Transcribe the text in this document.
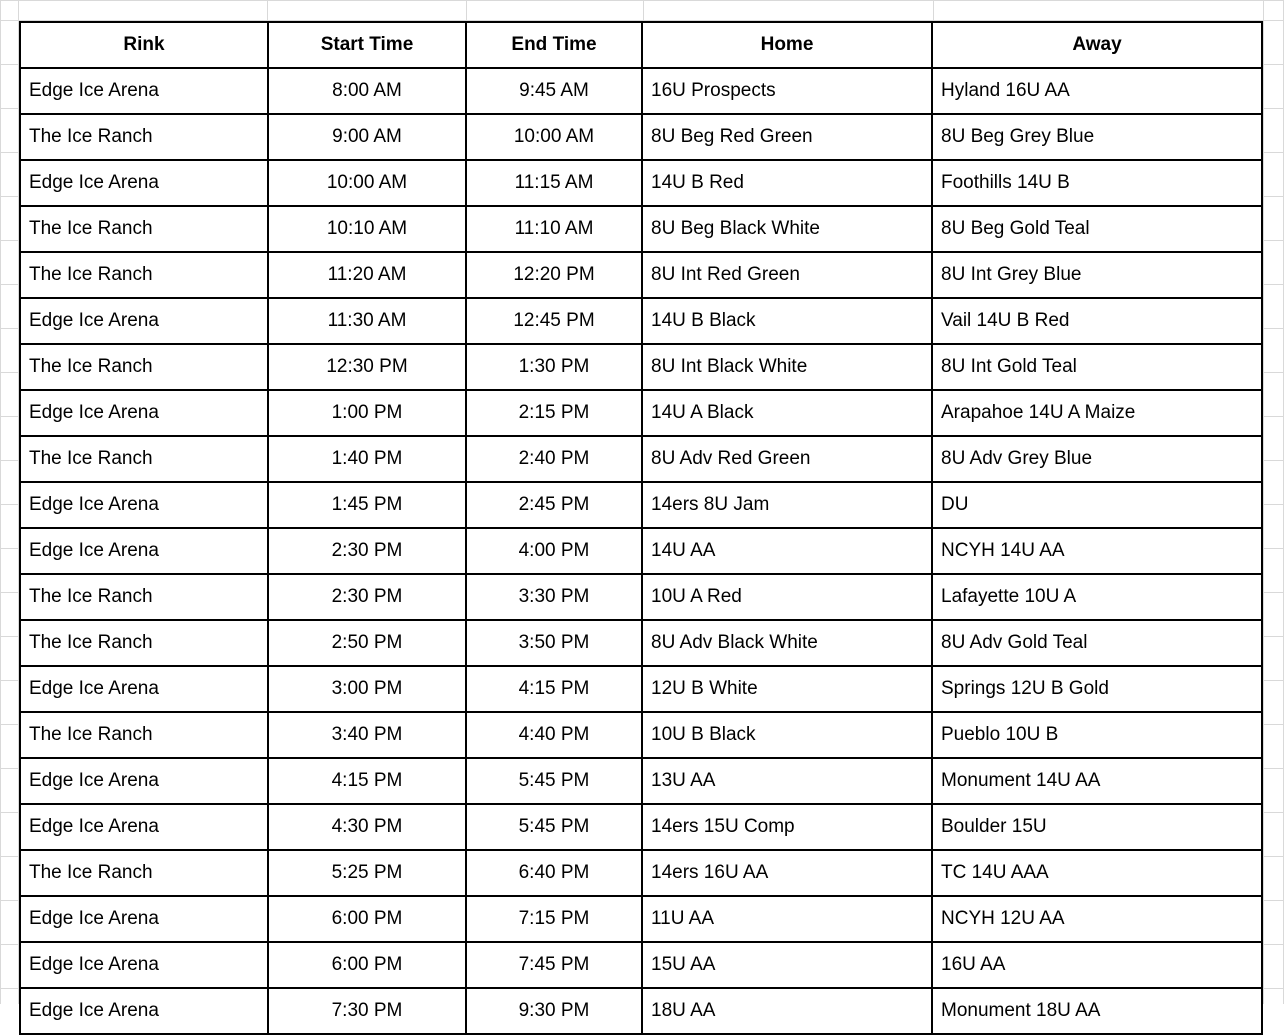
Rink	Start Time	End Time	Home	Away
Edge Ice Arena	8:00 AM	9:45 AM	16U Prospects	Hyland 16U AA
The Ice Ranch	9:00 AM	10:00 AM	8U Beg Red Green	8U Beg Grey Blue
Edge Ice Arena	10:00 AM	11:15 AM	14U B Red	Foothills 14U B
The Ice Ranch	10:10 AM	11:10 AM	8U Beg Black White	8U Beg Gold Teal
The Ice Ranch	11:20 AM	12:20 PM	8U Int Red Green	8U Int Grey Blue
Edge Ice Arena	11:30 AM	12:45 PM	14U B Black	Vail 14U B Red
The Ice Ranch	12:30 PM	1:30 PM	8U Int Black White	8U Int Gold Teal
Edge Ice Arena	1:00 PM	2:15 PM	14U A Black	Arapahoe 14U A Maize
The Ice Ranch	1:40 PM	2:40 PM	8U Adv Red Green	8U Adv Grey Blue
Edge Ice Arena	1:45 PM	2:45 PM	14ers 8U Jam	DU
Edge Ice Arena	2:30 PM	4:00 PM	14U AA	NCYH 14U AA
The Ice Ranch	2:30 PM	3:30 PM	10U A Red	Lafayette 10U A
The Ice Ranch	2:50 PM	3:50 PM	8U Adv Black White	8U Adv Gold Teal
Edge Ice Arena	3:00 PM	4:15 PM	12U B White	Springs 12U B Gold
The Ice Ranch	3:40 PM	4:40 PM	10U B Black	Pueblo 10U B
Edge Ice Arena	4:15 PM	5:45 PM	13U AA	Monument 14U AA
Edge Ice Arena	4:30 PM	5:45 PM	14ers 15U Comp	Boulder 15U
The Ice Ranch	5:25 PM	6:40 PM	14ers 16U AA	TC 14U AAA
Edge Ice Arena	6:00 PM	7:15 PM	11U AA	NCYH 12U AA
Edge Ice Arena	6:00 PM	7:45 PM	15U AA	16U AA
Edge Ice Arena	7:30 PM	9:30 PM	18U AA	Monument 18U AA
